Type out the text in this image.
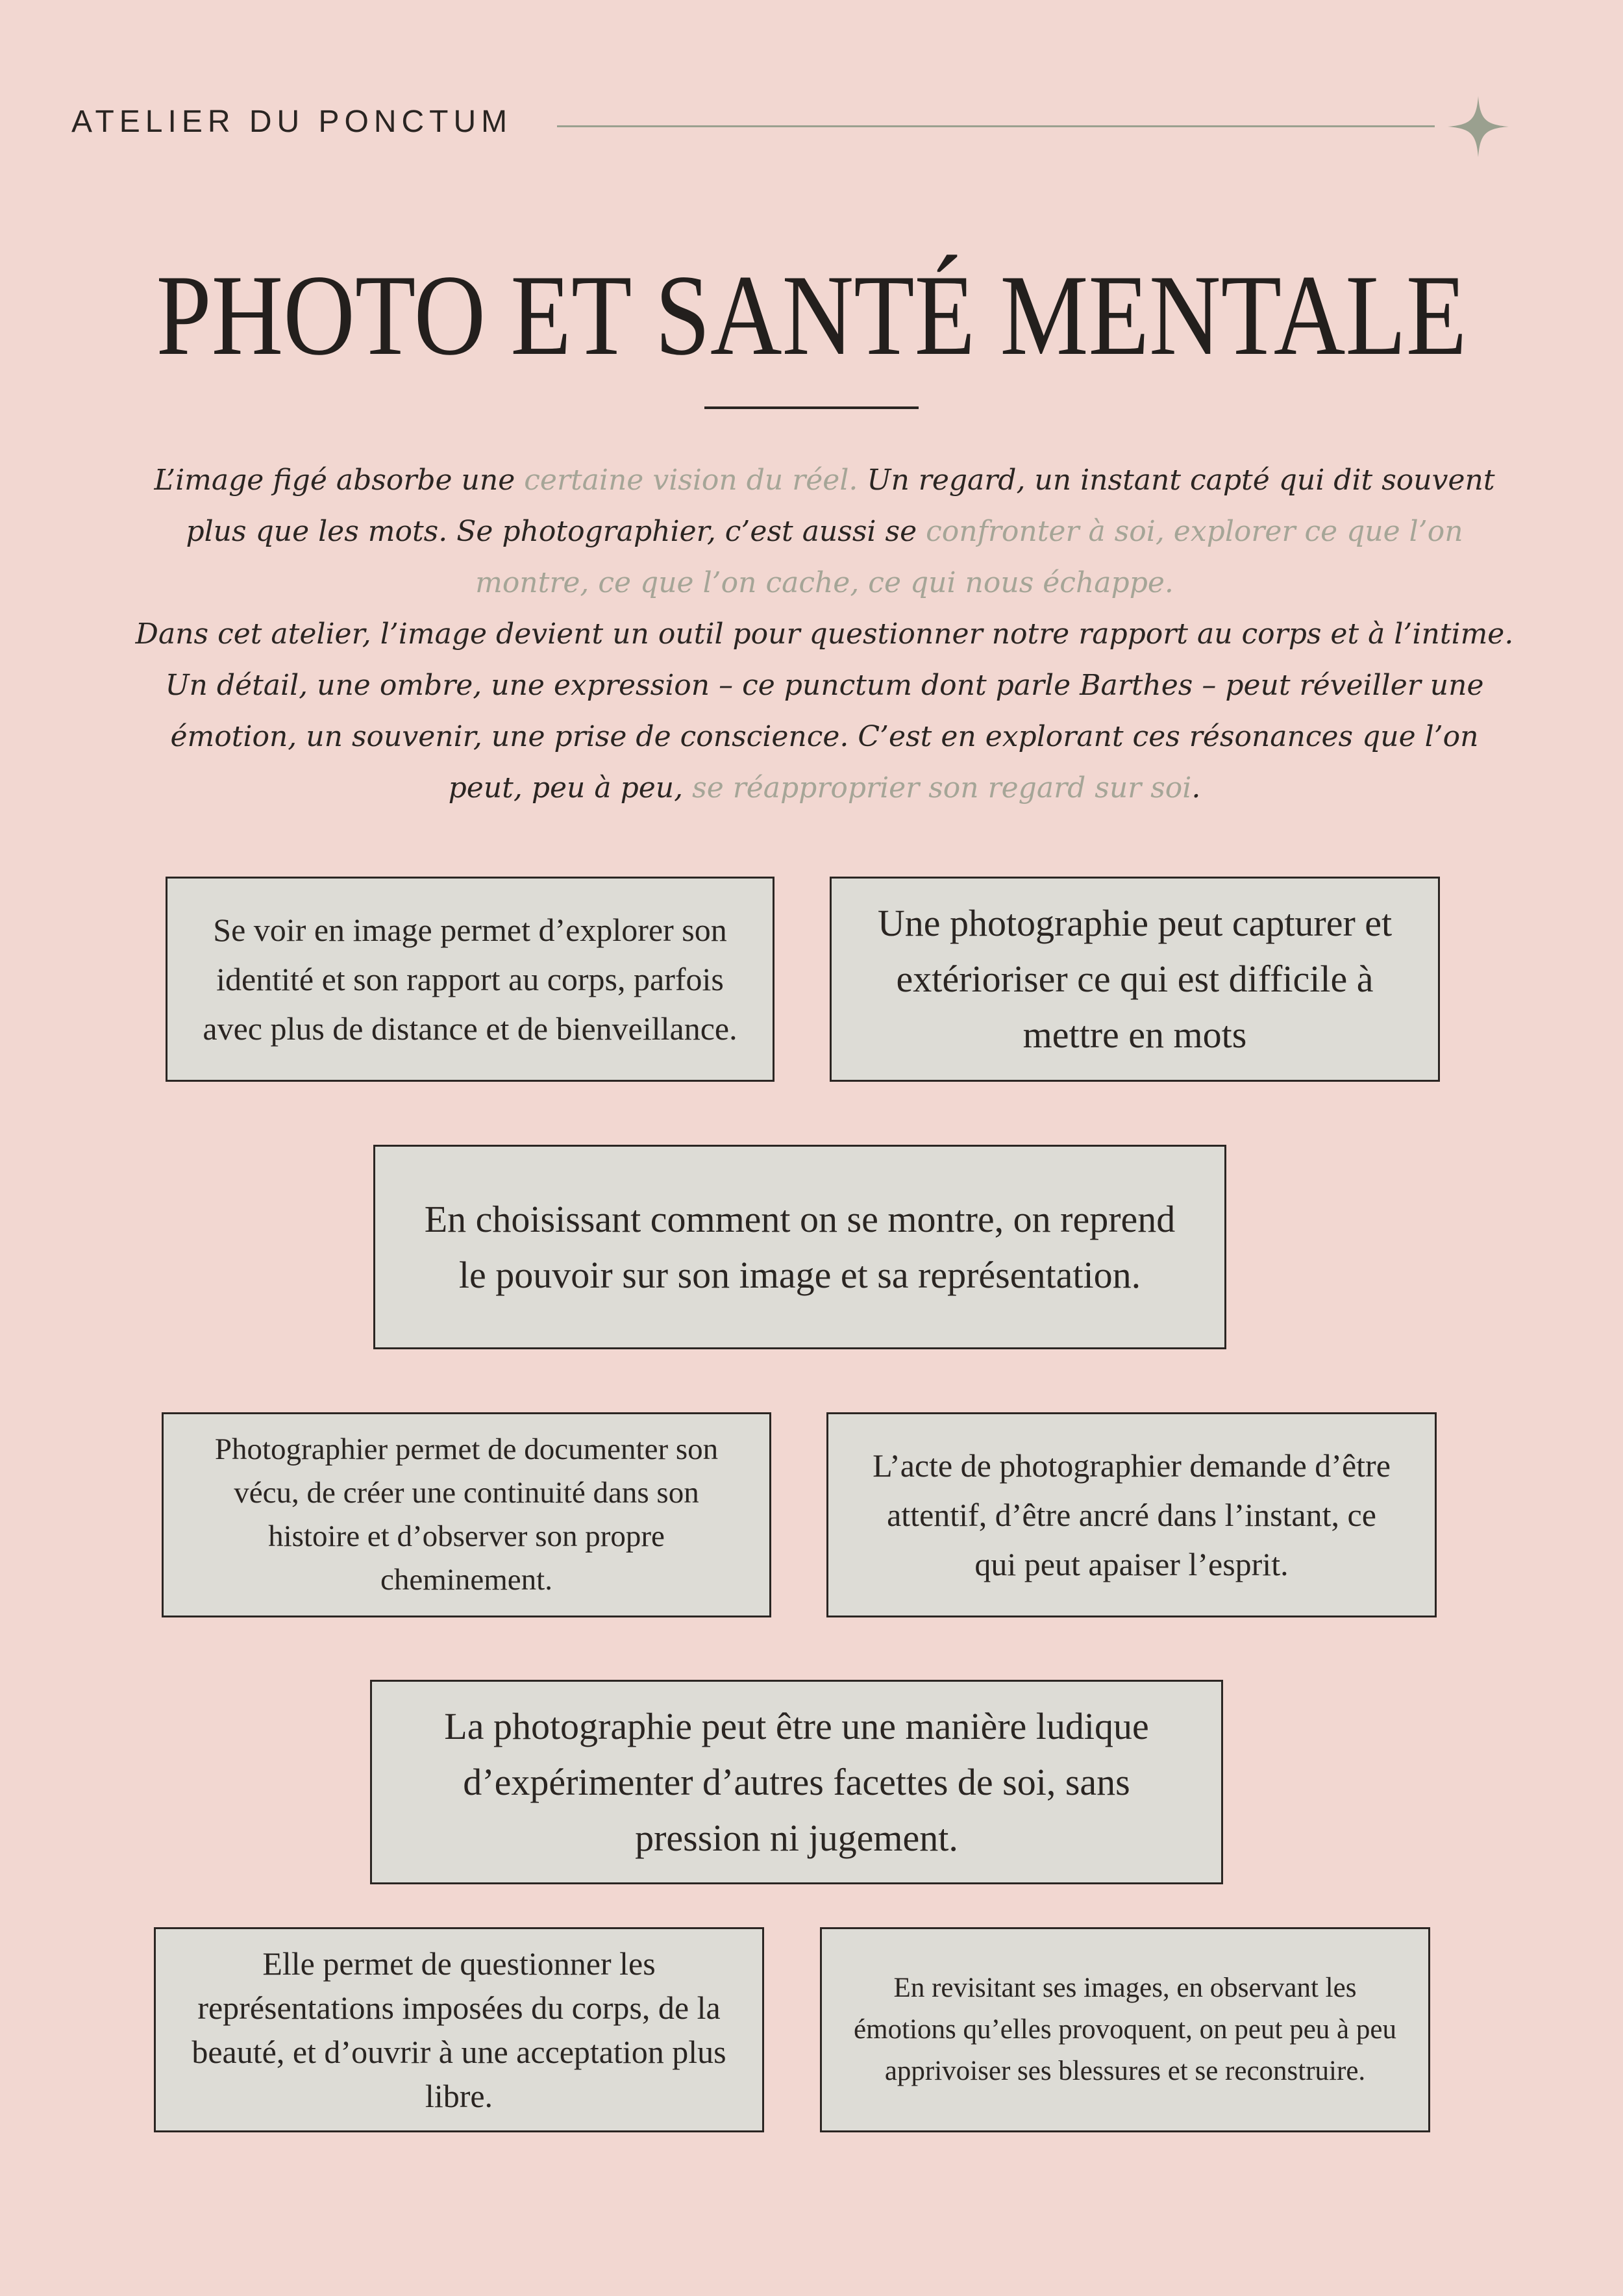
ATELIER DU PONCTUM
PHOTO ET SANTÉ MENTALE

L’image figé absorbe une certaine vision du réel. Un regard, un instant capté qui dit souvent plus que les mots. Se photographier, c’est aussi se confronter à soi, explorer ce que l’on montre, ce que l’on cache, ce qui nous échappe.

Dans cet atelier, l’image devient un outil pour questionner notre rapport au corps et à l’intime. Un détail, une ombre, une expression – ce punctum dont parle Barthes – peut réveiller une émotion, un souvenir, une prise de conscience. C’est en explorant ces résonances que l’on peut, peu à peu, se réapproprier son regard sur soi.

Se voir en image permet d’explorer son identité et son rapport au corps, parfois avec plus de distance et de bienveillance.
Une photographie peut capturer et extérioriser ce qui est difficile à mettre en mots
En choisissant comment on se montre, on reprend le pouvoir sur son image et sa représentation.
Photographier permet de documenter son vécu, de créer une continuité dans son histoire et d’observer son propre cheminement.
L’acte de photographier demande d’être attentif, d’être ancré dans l’instant, ce qui peut apaiser l’esprit.
La photographie peut être une manière ludique d’expérimenter d’autres facettes de soi, sans pression ni jugement.
Elle permet de questionner les représentations imposées du corps, de la beauté, et d’ouvrir à une acceptation plus libre.
En revisitant ses images, en observant les émotions qu’elles provoquent, on peut peu à peu apprivoiser ses blessures et se reconstruire.
